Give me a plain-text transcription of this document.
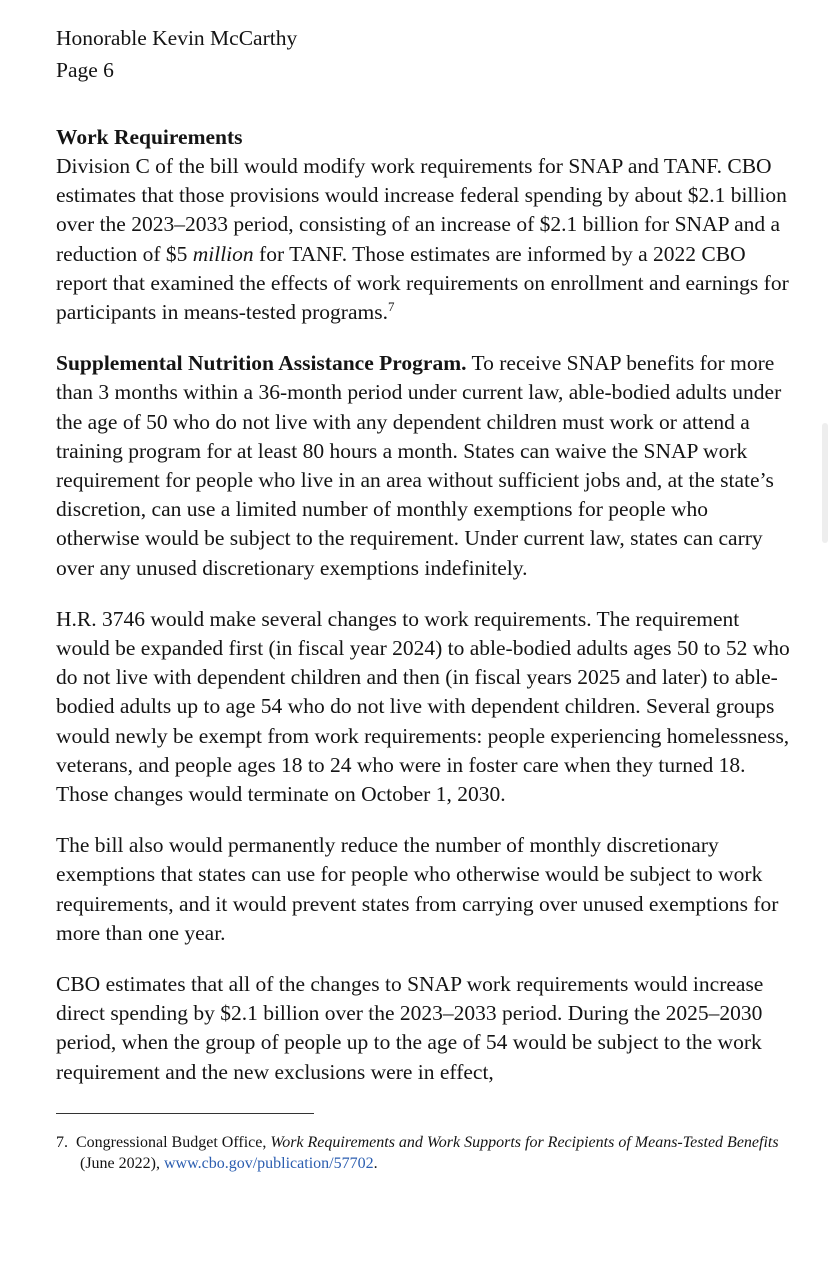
Honorable Kevin McCarthy

Page 6

Work Requirements

Division C of the bill would modify work requirements for SNAP and TANF. CBO estimates that those provisions would increase federal spending by about $2.1 billion over the 2023–2033 period, consisting of an increase of $2.1 billion for SNAP and a reduction of $5 million for TANF. Those estimates are informed by a 2022 CBO report that examined the effects of work requirements on enrollment and earnings for participants in means-tested programs.$^7$

Supplemental Nutrition Assistance Program. To receive SNAP benefits for more than 3 months within a 36-month period under current law, able-bodied adults under the age of 50 who do not live with any dependent children must work or attend a training program for at least 80 hours a month. States can waive the SNAP work requirement for people who live in an area without sufficient jobs and, at the state’s discretion, can use a limited number of monthly exemptions for people who otherwise would be subject to the requirement. Under current law, states can carry over any unused discretionary exemptions indefinitely.

H.R. 3746 would make several changes to work requirements. The requirement would be expanded first (in fiscal year 2024) to able-bodied adults ages 50 to 52 who do not live with dependent children and then (in fiscal years 2025 and later) to able-bodied adults up to age 54 who do not live with dependent children. Several groups would newly be exempt from work requirements: people experiencing homelessness, veterans, and people ages 18 to 24 who were in foster care when they turned 18. Those changes would terminate on October 1, 2030.

The bill also would permanently reduce the number of monthly discretionary exemptions that states can use for people who otherwise would be subject to work requirements, and it would prevent states from carrying over unused exemptions for more than one year.

CBO estimates that all of the changes to SNAP work requirements would increase direct spending by $2.1 billion over the 2023–2033 period. During the 2025–2030 period, when the group of people up to the age of 54 would be subject to the work requirement and the new exclusions were in effect,

7. Congressional Budget Office, Work Requirements and Work Supports for Recipients of Means-Tested Benefits (June 2022), www.cbo.gov/publication/57702.
